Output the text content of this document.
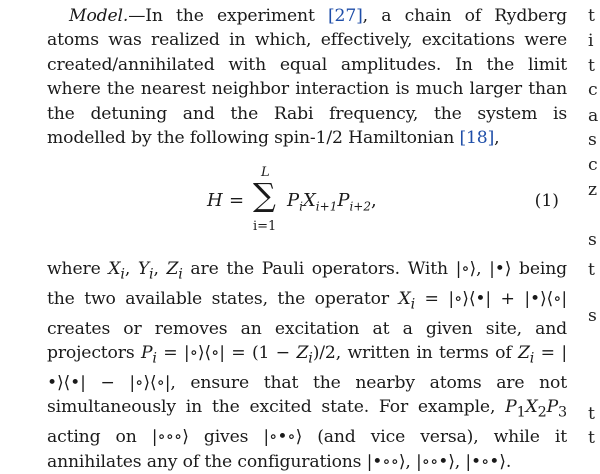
Model.—In the experiment [27], a chain of Rydberg atoms was realized in which, effectively, excitations were created/annihilated with equal amplitudes. In the limit where the nearest neighbor interaction is much larger than the detuning and the Rabi frequency, the system is modelled by the following spin-1/2 Hamiltonian [18],

H =
L
∑
i=1
$P_iX_{i+1}P_{i+2}$,	(1)

where $X_i$, $Y_i$, $Z_i$ are the Pauli operators. With |∘⟩, |•⟩ being the two available states, the operator $X_i$ = |∘⟩⟨•| + |•⟩⟨∘| creates or removes an excitation at a given site, and projectors $P_i$ = |∘⟩⟨∘| = $(1 - Z_i)/2$, written in terms of $Z_i$ = |•⟩⟨•| − |∘⟩⟨∘|, ensure that the nearby atoms are not simultaneously in the excited state. For example, $P_1X_2P_3$ acting on |∘∘∘⟩ gives |∘•∘⟩ (and vice versa), while it annihilates any of the configurations |•∘∘⟩, |∘∘•⟩, |•∘•⟩.

t
i
t
c
a
s
c
z
s
t
s
t
t
